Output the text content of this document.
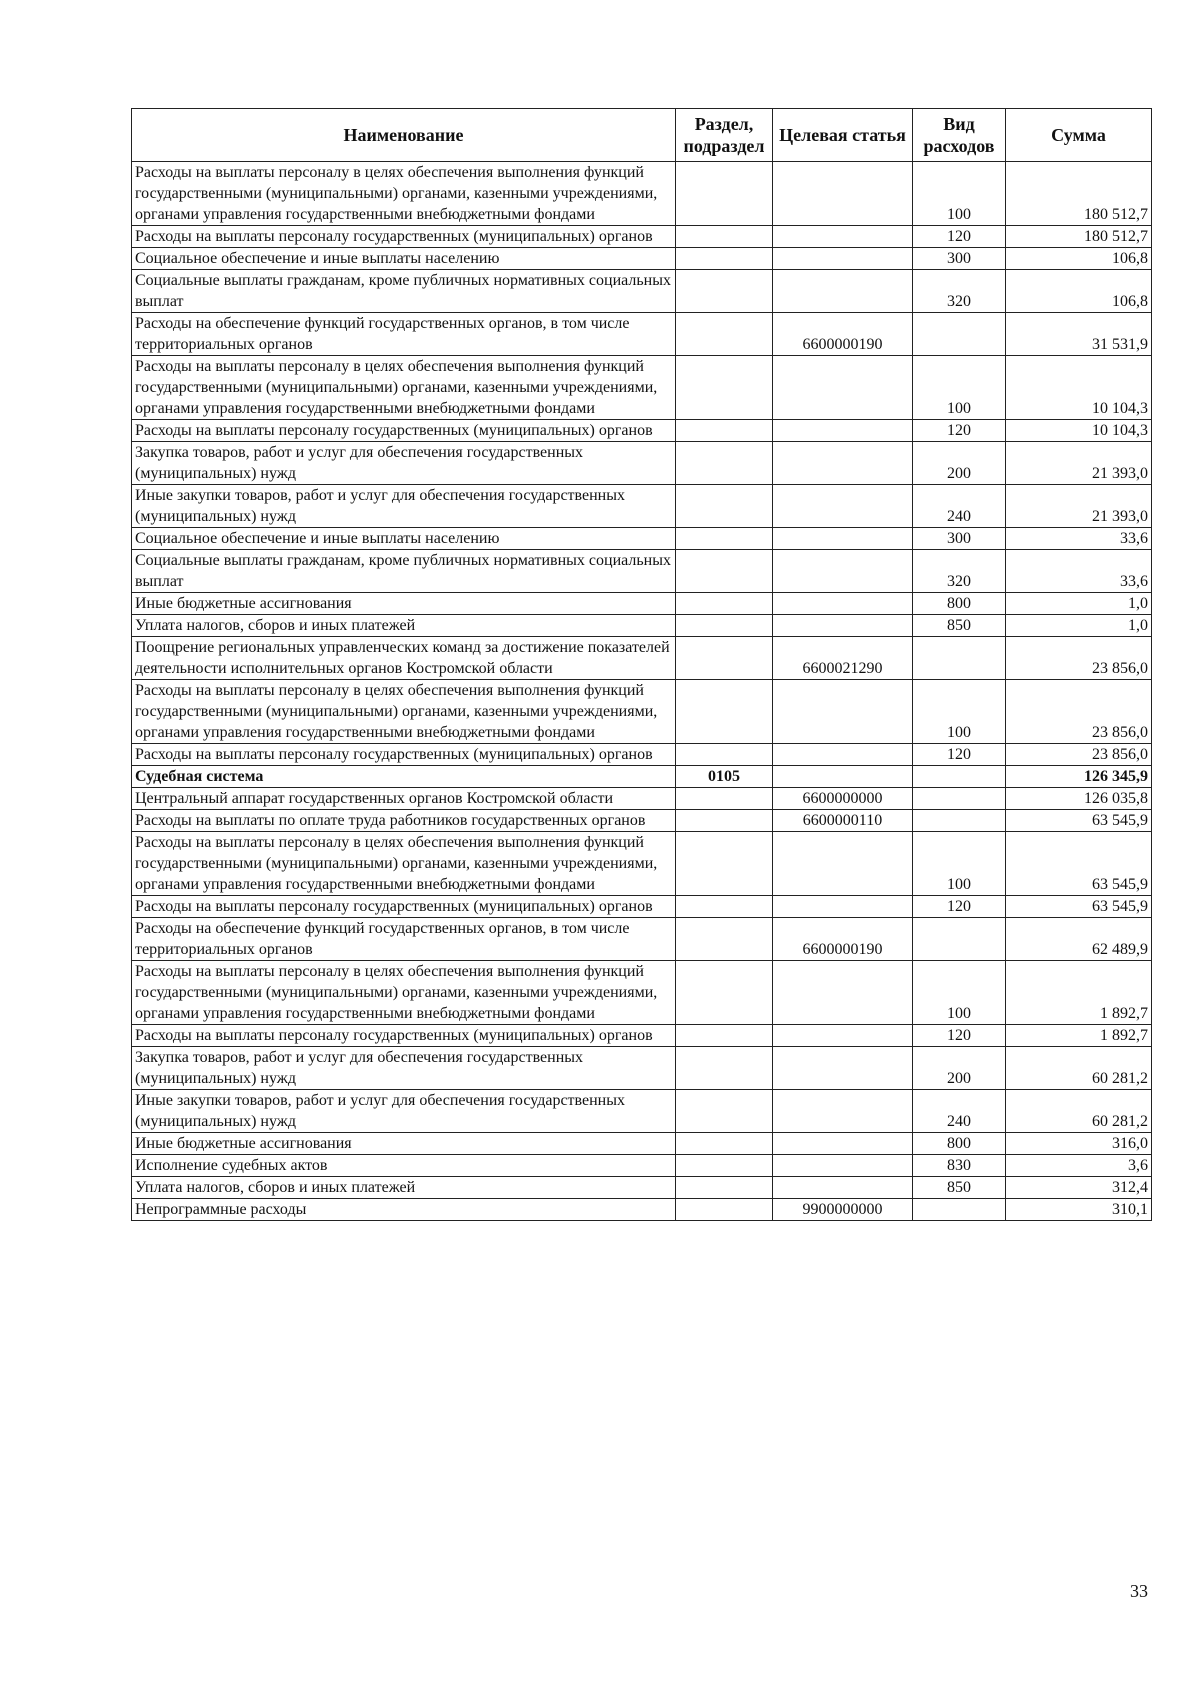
Наименование	Раздел, подраздел	Целевая статья	Вид расходов	Сумма
Расходы на выплаты персоналу в целях обеспечения выполнения функций государственными (муниципальными) органами, казенными учреждениями, органами управления государственными внебюджетными фондами			100	180 512,7
Расходы на выплаты персоналу государственных (муниципальных) органов			120	180 512,7
Социальное обеспечение и иные выплаты населению			300	106,8
Социальные выплаты гражданам, кроме публичных нормативных социальных выплат			320	106,8
Расходы на обеспечение функций государственных органов, в том числе территориальных органов		6600000190		31 531,9
Расходы на выплаты персоналу в целях обеспечения выполнения функций государственными (муниципальными) органами, казенными учреждениями, органами управления государственными внебюджетными фондами			100	10 104,3
Расходы на выплаты персоналу государственных (муниципальных) органов			120	10 104,3
Закупка товаров, работ и услуг для обеспечения государственных (муниципальных) нужд			200	21 393,0
Иные закупки товаров, работ и услуг для обеспечения государственных (муниципальных) нужд			240	21 393,0
Социальное обеспечение и иные выплаты населению			300	33,6
Социальные выплаты гражданам, кроме публичных нормативных социальных выплат			320	33,6
Иные бюджетные ассигнования			800	1,0
Уплата налогов, сборов и иных платежей			850	1,0
Поощрение региональных управленческих команд за достижение показателей деятельности исполнительных органов Костромской области		6600021290		23 856,0
Расходы на выплаты персоналу в целях обеспечения выполнения функций государственными (муниципальными) органами, казенными учреждениями, органами управления государственными внебюджетными фондами			100	23 856,0
Расходы на выплаты персоналу государственных (муниципальных) органов			120	23 856,0
Судебная система	0105			126 345,9
Центральный аппарат государственных органов Костромской области		6600000000		126 035,8
Расходы на выплаты по оплате труда работников государственных органов		6600000110		63 545,9
Расходы на выплаты персоналу в целях обеспечения выполнения функций государственными (муниципальными) органами, казенными учреждениями, органами управления государственными внебюджетными фондами			100	63 545,9
Расходы на выплаты персоналу государственных (муниципальных) органов			120	63 545,9
Расходы на обеспечение функций государственных органов, в том числе территориальных органов		6600000190		62 489,9
Расходы на выплаты персоналу в целях обеспечения выполнения функций государственными (муниципальными) органами, казенными учреждениями, органами управления государственными внебюджетными фондами			100	1 892,7
Расходы на выплаты персоналу государственных (муниципальных) органов			120	1 892,7
Закупка товаров, работ и услуг для обеспечения государственных (муниципальных) нужд			200	60 281,2
Иные закупки товаров, работ и услуг для обеспечения государственных (муниципальных) нужд			240	60 281,2
Иные бюджетные ассигнования			800	316,0
Исполнение судебных актов			830	3,6
Уплата налогов, сборов и иных платежей			850	312,4
Непрограммные расходы		9900000000		310,1
33
